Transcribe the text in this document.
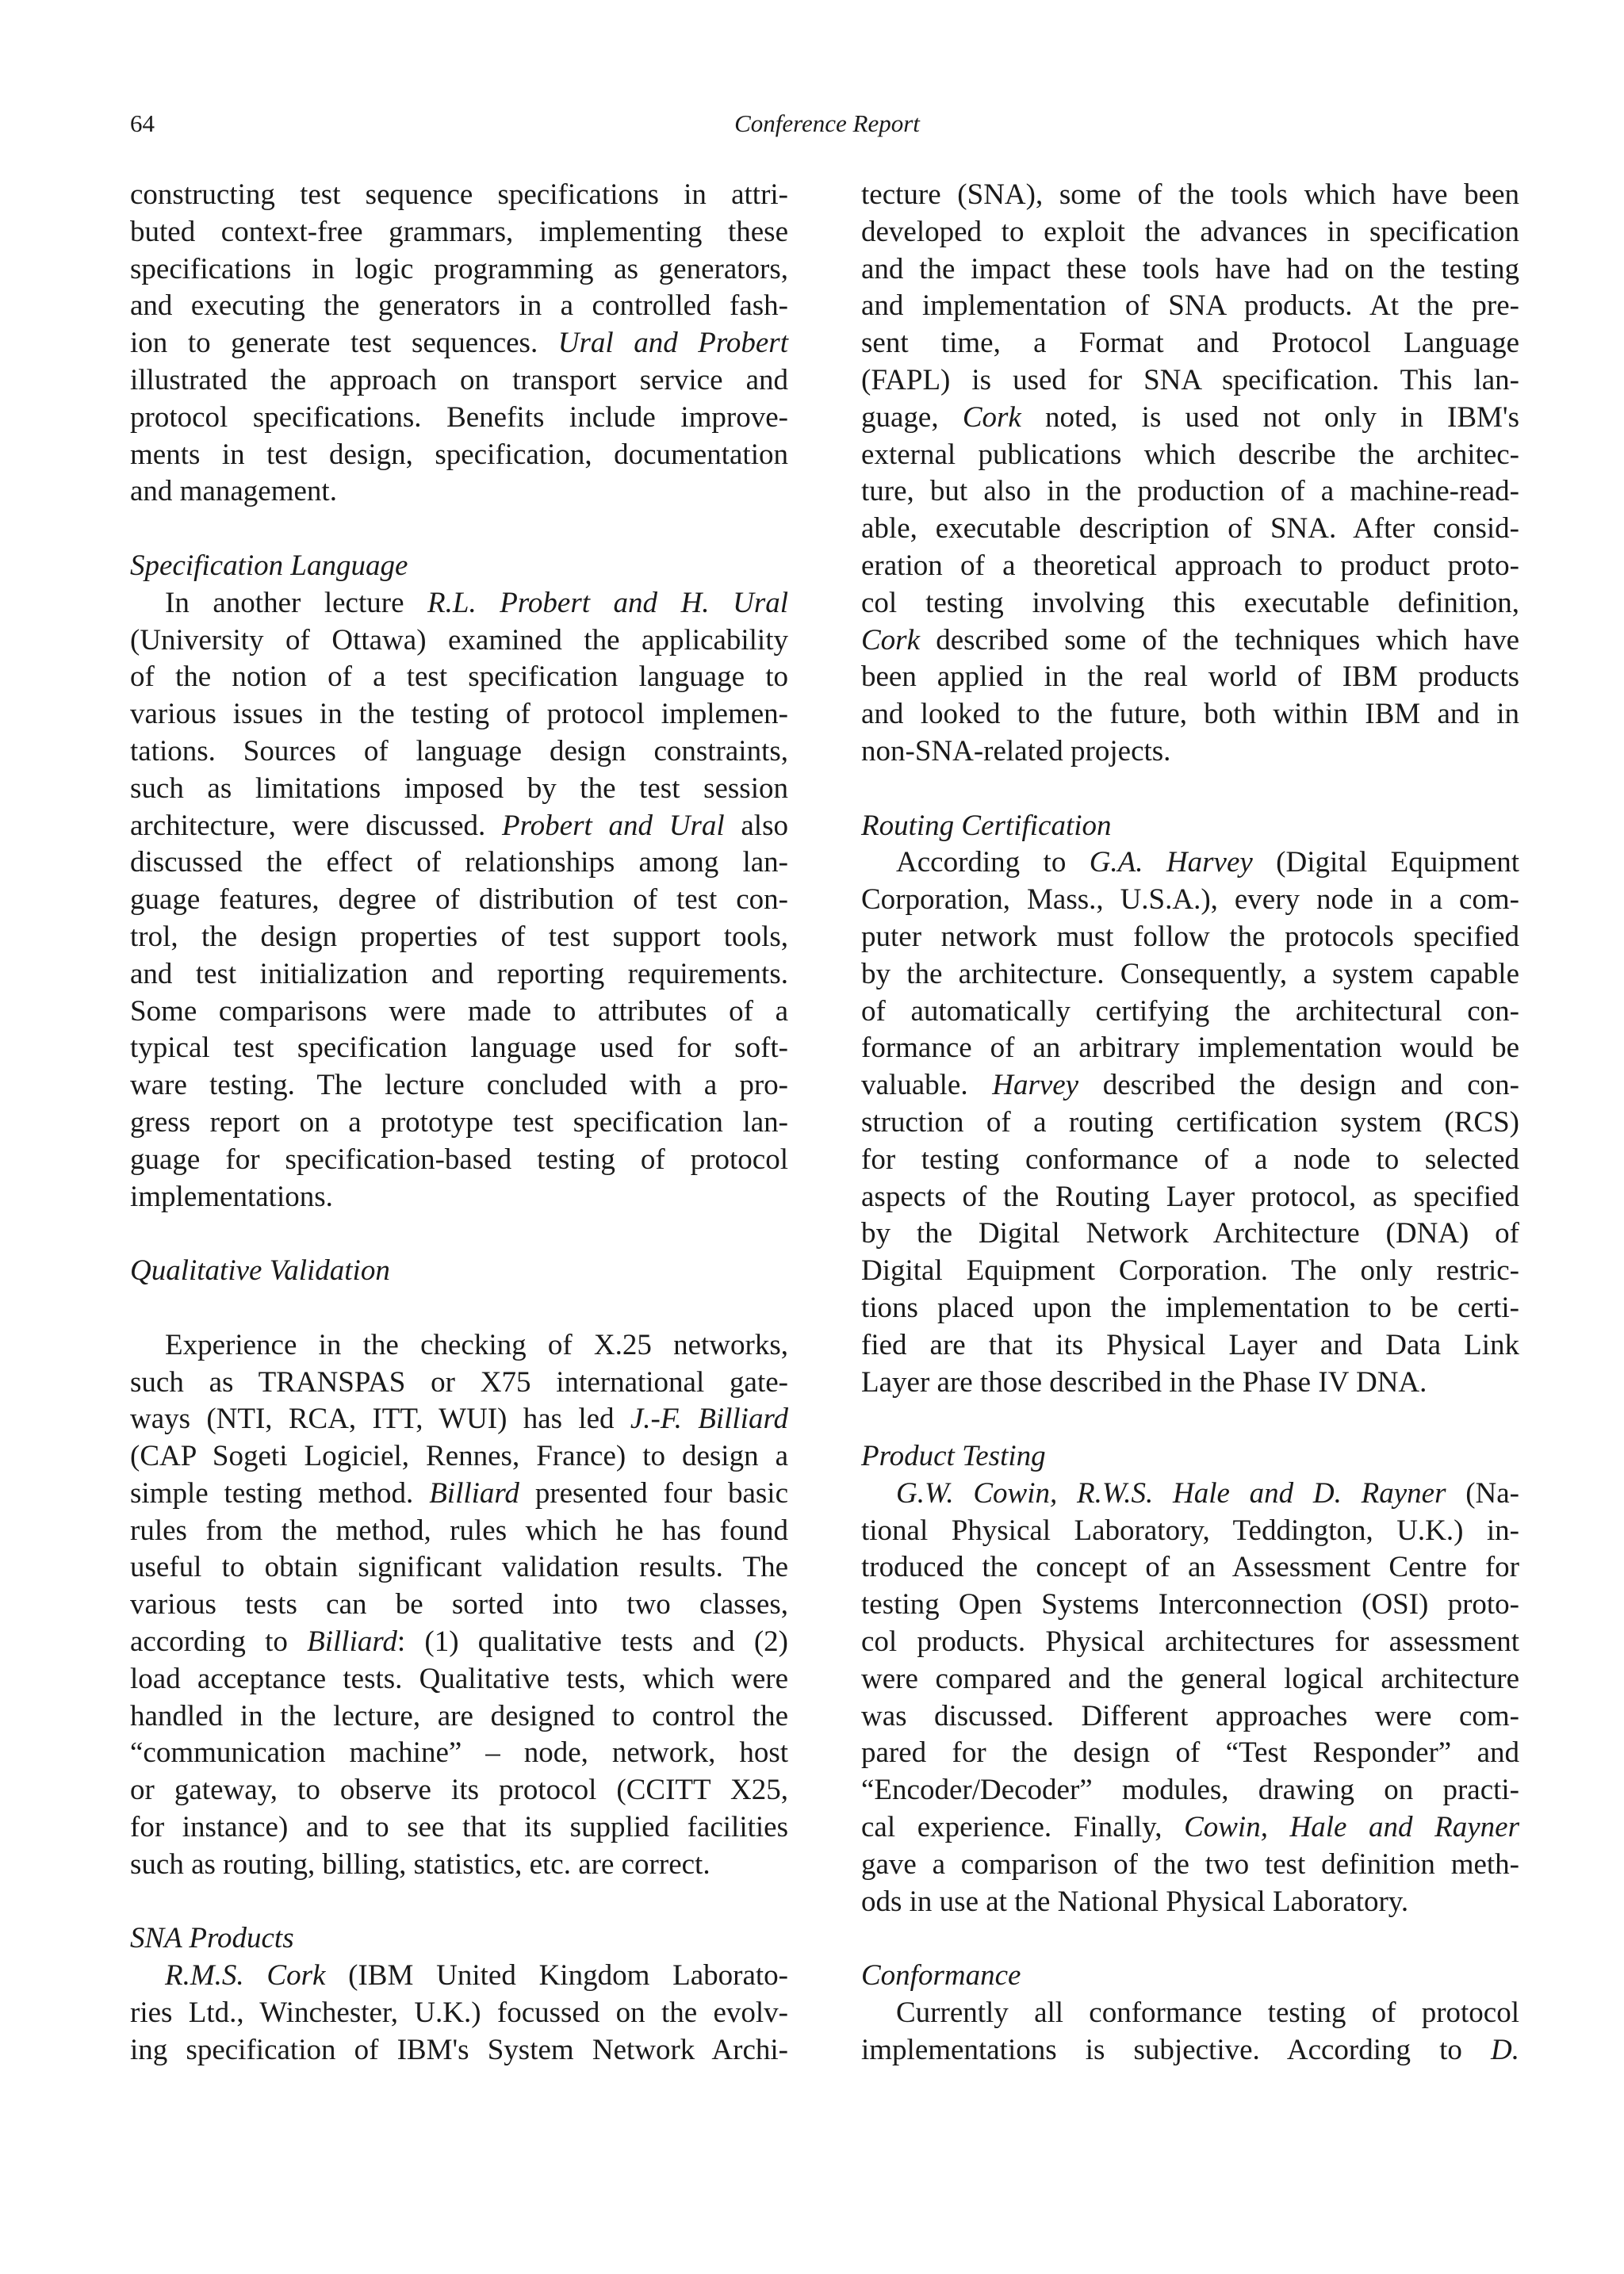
64	Conference Report
constructing test sequence specifications in attri-
buted context-free grammars, implementing these
specifications in logic programming as generators,
and executing the generators in a controlled fash-
ion to generate test sequences. Ural and Probert
illustrated the approach on transport service and
protocol specifications. Benefits include improve-
ments in test design, specification, documentation
and management.
Specification Language
In another lecture R.L. Probert and H. Ural
(University of Ottawa) examined the applicability
of the notion of a test specification language to
various issues in the testing of protocol implemen-
tations. Sources of language design constraints,
such as limitations imposed by the test session
architecture, were discussed. Probert and Ural also
discussed the effect of relationships among lan-
guage features, degree of distribution of test con-
trol, the design properties of test support tools,
and test initialization and reporting requirements.
Some comparisons were made to attributes of a
typical test specification language used for soft-
ware testing. The lecture concluded with a pro-
gress report on a prototype test specification lan-
guage for specification-based testing of protocol
implementations.
Qualitative Validation
Experience in the checking of X.25 networks,
such as TRANSPAS or X75 international gate-
ways (NTI, RCA, ITT, WUI) has led J.-F. Billiard
(CAP Sogeti Logiciel, Rennes, France) to design a
simple testing method. Billiard presented four basic
rules from the method, rules which he has found
useful to obtain significant validation results. The
various tests can be sorted into two classes,
according to Billiard: (1) qualitative tests and (2)
load acceptance tests. Qualitative tests, which were
handled in the lecture, are designed to control the
“communication machine” – node, network, host
or gateway, to observe its protocol (CCITT X25,
for instance) and to see that its supplied facilities
such as routing, billing, statistics, etc. are correct.
SNA Products
R.M.S. Cork (IBM United Kingdom Laborato-
ries Ltd., Winchester, U.K.) focussed on the evolv-
ing specification of IBM's System Network Archi-
tecture (SNA), some of the tools which have been
developed to exploit the advances in specification
and the impact these tools have had on the testing
and implementation of SNA products. At the pre-
sent time, a Format and Protocol Language
(FAPL) is used for SNA specification. This lan-
guage, Cork noted, is used not only in IBM's
external publications which describe the architec-
ture, but also in the production of a machine-read-
able, executable description of SNA. After consid-
eration of a theoretical approach to product proto-
col testing involving this executable definition,
Cork described some of the techniques which have
been applied in the real world of IBM products
and looked to the future, both within IBM and in
non-SNA-related projects.
Routing Certification
According to G.A. Harvey (Digital Equipment
Corporation, Mass., U.S.A.), every node in a com-
puter network must follow the protocols specified
by the architecture. Consequently, a system capable
of automatically certifying the architectural con-
formance of an arbitrary implementation would be
valuable. Harvey described the design and con-
struction of a routing certification system (RCS)
for testing conformance of a node to selected
aspects of the Routing Layer protocol, as specified
by the Digital Network Architecture (DNA) of
Digital Equipment Corporation. The only restric-
tions placed upon the implementation to be certi-
fied are that its Physical Layer and Data Link
Layer are those described in the Phase IV DNA.
Product Testing
G.W. Cowin, R.W.S. Hale and D. Rayner (Na-
tional Physical Laboratory, Teddington, U.K.) in-
troduced the concept of an Assessment Centre for
testing Open Systems Interconnection (OSI) proto-
col products. Physical architectures for assessment
were compared and the general logical architecture
was discussed. Different approaches were com-
pared for the design of “Test Responder” and
“Encoder/Decoder” modules, drawing on practi-
cal experience. Finally, Cowin, Hale and Rayner
gave a comparison of the two test definition meth-
ods in use at the National Physical Laboratory.
Conformance
Currently all conformance testing of protocol
implementations is subjective. According to D.
